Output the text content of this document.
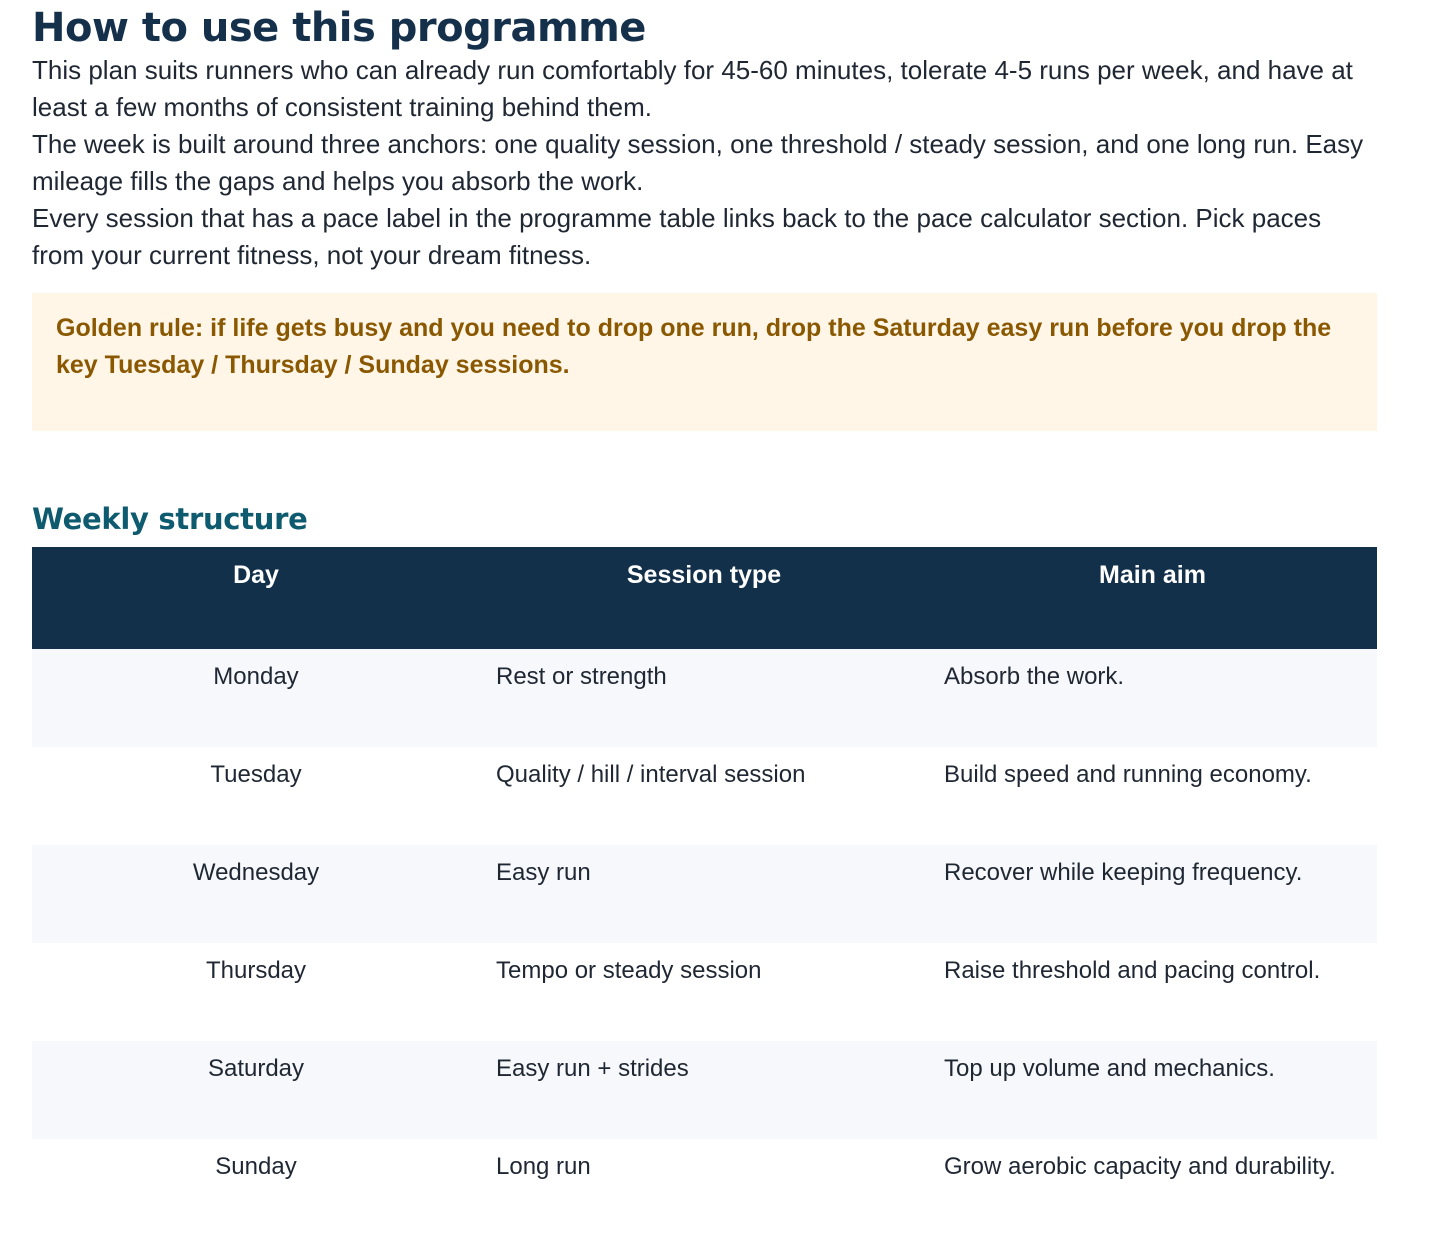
How to use this programme

This plan suits runners who can already run comfortably for 45-60 minutes, tolerate 4-5 runs per week, and have at least a few months of consistent training behind them.

The week is built around three anchors: one quality session, one threshold / steady session, and one long run. Easy mileage fills the gaps and helps you absorb the work.

Every session that has a pace label in the programme table links back to the pace calculator section. Pick paces from your current fitness, not your dream fitness.

Golden rule: if life gets busy and you need to drop one run, drop the Saturday easy run before you drop the key Tuesday / Thursday / Sunday sessions.
Weekly structure
Day	Session type	Main aim
Monday	Rest or strength	Absorb the work.
Tuesday	Quality / hill / interval session	Build speed and running economy.
Wednesday	Easy run	Recover while keeping frequency.
Thursday	Tempo or steady session	Raise threshold and pacing control.
Saturday	Easy run + strides	Top up volume and mechanics.
Sunday	Long run	Grow aerobic capacity and durability.
